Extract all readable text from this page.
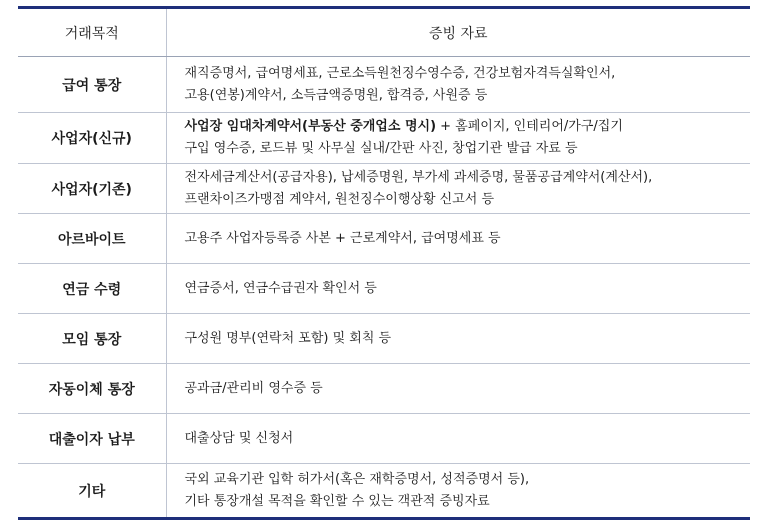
거래목적	증빙 자료
급여 통장	재직증명서, 급여명세표, 근로소득원천징수영수증, 건강보험자격득실확인서,
고용(연봉)계약서, 소득금액증명원, 합격증, 사원증 등

사업자(신규)	사업장 임대차계약서(부동산 중개업소 명시) + 홈페이지, 인테리어/가구/집기
구입 영수증, 로드뷰 및 사무실 실내/간판 사진, 창업기관 발급 자료 등

사업자(기존)	전자세금계산서(공급자용), 납세증명원, 부가세 과세증명, 물품공급계약서(계산서),
프랜차이즈가맹점 계약서, 원천징수이행상황 신고서 등

아르바이트	고용주 사업자등록증 사본 + 근로계약서, 급여명세표 등

연금 수령	연금증서, 연금수급권자 확인서 등

모임 통장	구성원 명부(연락처 포함) 및 회칙 등

자동이체 통장	공과금/관리비 영수증 등

대출이자 납부	대출상담 및 신청서

기타	국외 교육기관 입학 허가서(혹은 재학증명서, 성적증명서 등),
기타 통장개설 목적을 확인할 수 있는 객관적 증빙자료
